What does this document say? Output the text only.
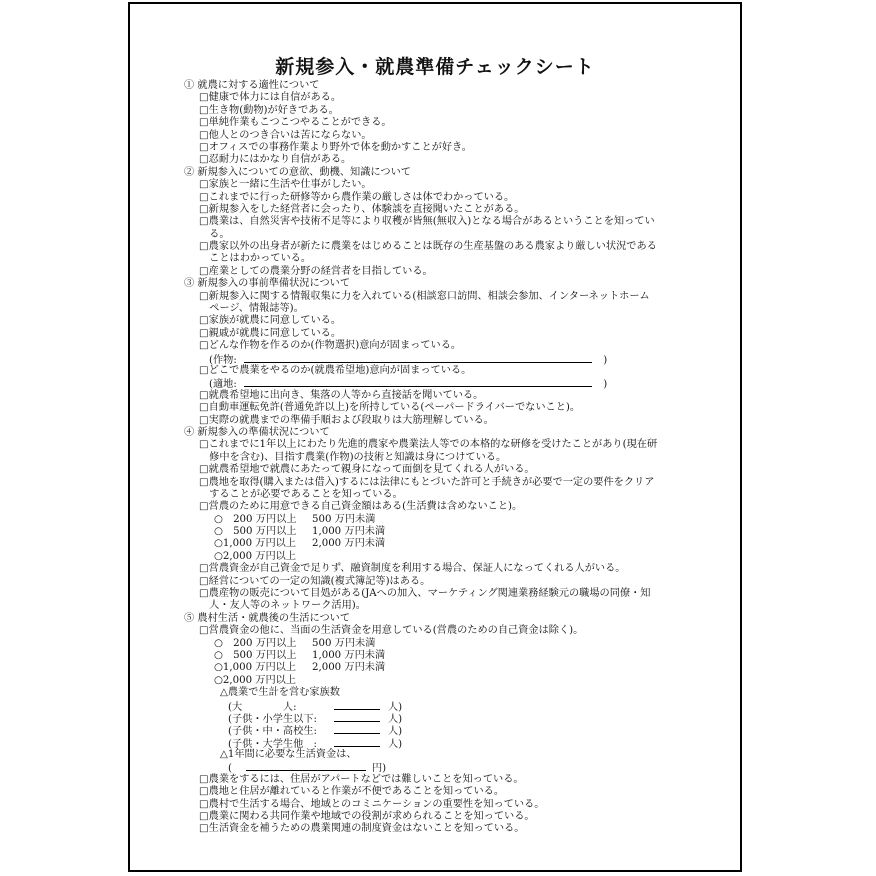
新規参入・就農準備チェックシート
① 就農に対する適性について
□健康で体力には自信がある。
□生き物(動物)が好きである。
□単純作業もこつこつやることができる。
□他人とのつき合いは苦にならない。
□オフィスでの事務作業より野外で体を動かすことが好き。
□忍耐力にはかなり自信がある。
② 新規参入についての意欲、動機、知識について
□家族と一緒に生活や仕事がしたい。
□これまでに行った研修等から農作業の厳しさは体でわかっている。
□新規参入をした経営者に会ったり、体験談を直接聞いたことがある。
□農業は、自然災害や技術不足等により収穫が皆無(無収入)となる場合があるということを知ってい
　る。
□農家以外の出身者が新たに農業をはじめることは既存の生産基盤のある農家より厳しい状況である
　ことはわかっている。
□産業としての農業分野の経営者を目指している。
③ 新規参入の事前準備状況について
□新規参入に関する情報収集に力を入れている(相談窓口訪問、相談会参加、インターネットホーム
　ページ、情報誌等)。
□家族が就農に同意している。
□親戚が就農に同意している。
□どんな作物を作るのか(作物選択)意向が固まっている。
(作物:	)
□どこで農業をやるのか(就農希望地)意向が固まっている。
(適地:	)
□就農希望地に出向き、集落の人等から直接話を聞いている。
□自動車運転免許(普通免許以上)を所持している(ペーパードライバーでないこと)。
□実際の就農までの準備手順および段取りは大筋理解している。
④ 新規参入の準備状況について
□これまでに1年以上にわたり先進的農家や農業法人等での本格的な研修を受けたことがあり(現在研
　修中を含む)、目指す農業(作物)の技術と知識は身につけている。
□就農希望地で就農にあたって親身になって面倒を見てくれる人がいる。
□農地を取得(購入または借入)するには法律にもとづいた許可と手続きが必要で一定の要件をクリア
　することが必要であることを知っている。
□営農のために用意できる自己資金額はある(生活費は含めないこと)。
○　200 万円以上 500 万円未満
○　500 万円以上 1,000 万円未満
○1,000 万円以上 2,000 万円未満
○2,000 万円以上
□営農資金が自己資金で足りず、融資制度を利用する場合、保証人になってくれる人がいる。
□経営についての一定の知識(複式簿記等)はある。
□農産物の販売について目処がある(JAへの加入、マーケティング関連業務経験元の職場の同僚・知
　人・友人等のネットワーク活用)。
⑤ 農村生活・就農後の生活について
□営農資金の他に、当面の生活資金を用意している(営農のための自己資金は除く)。
○　200 万円以上 500 万円未満
○　500 万円以上 1,000 万円未満
○1,000 万円以上 2,000 万円未満
○2,000 万円以上
△農業で生計を営む家族数
(大　　　　人:	人)
(子供・小学生以下:	人)
(子供・中・高校生:	人)
(子供・大学生他　:	人)
△1年間に必要な生活資金は、
(	円)
□農業をするには、住居がアパートなどでは難しいことを知っている。
□農地と住居が離れていると作業が不便であることを知っている。
□農村で生活する場合、地域とのコミニケーションの重要性を知っている。
□農業に関わる共同作業や地域での役割が求められることを知っている。
□生活資金を補うための農業関連の制度資金はないことを知っている。
